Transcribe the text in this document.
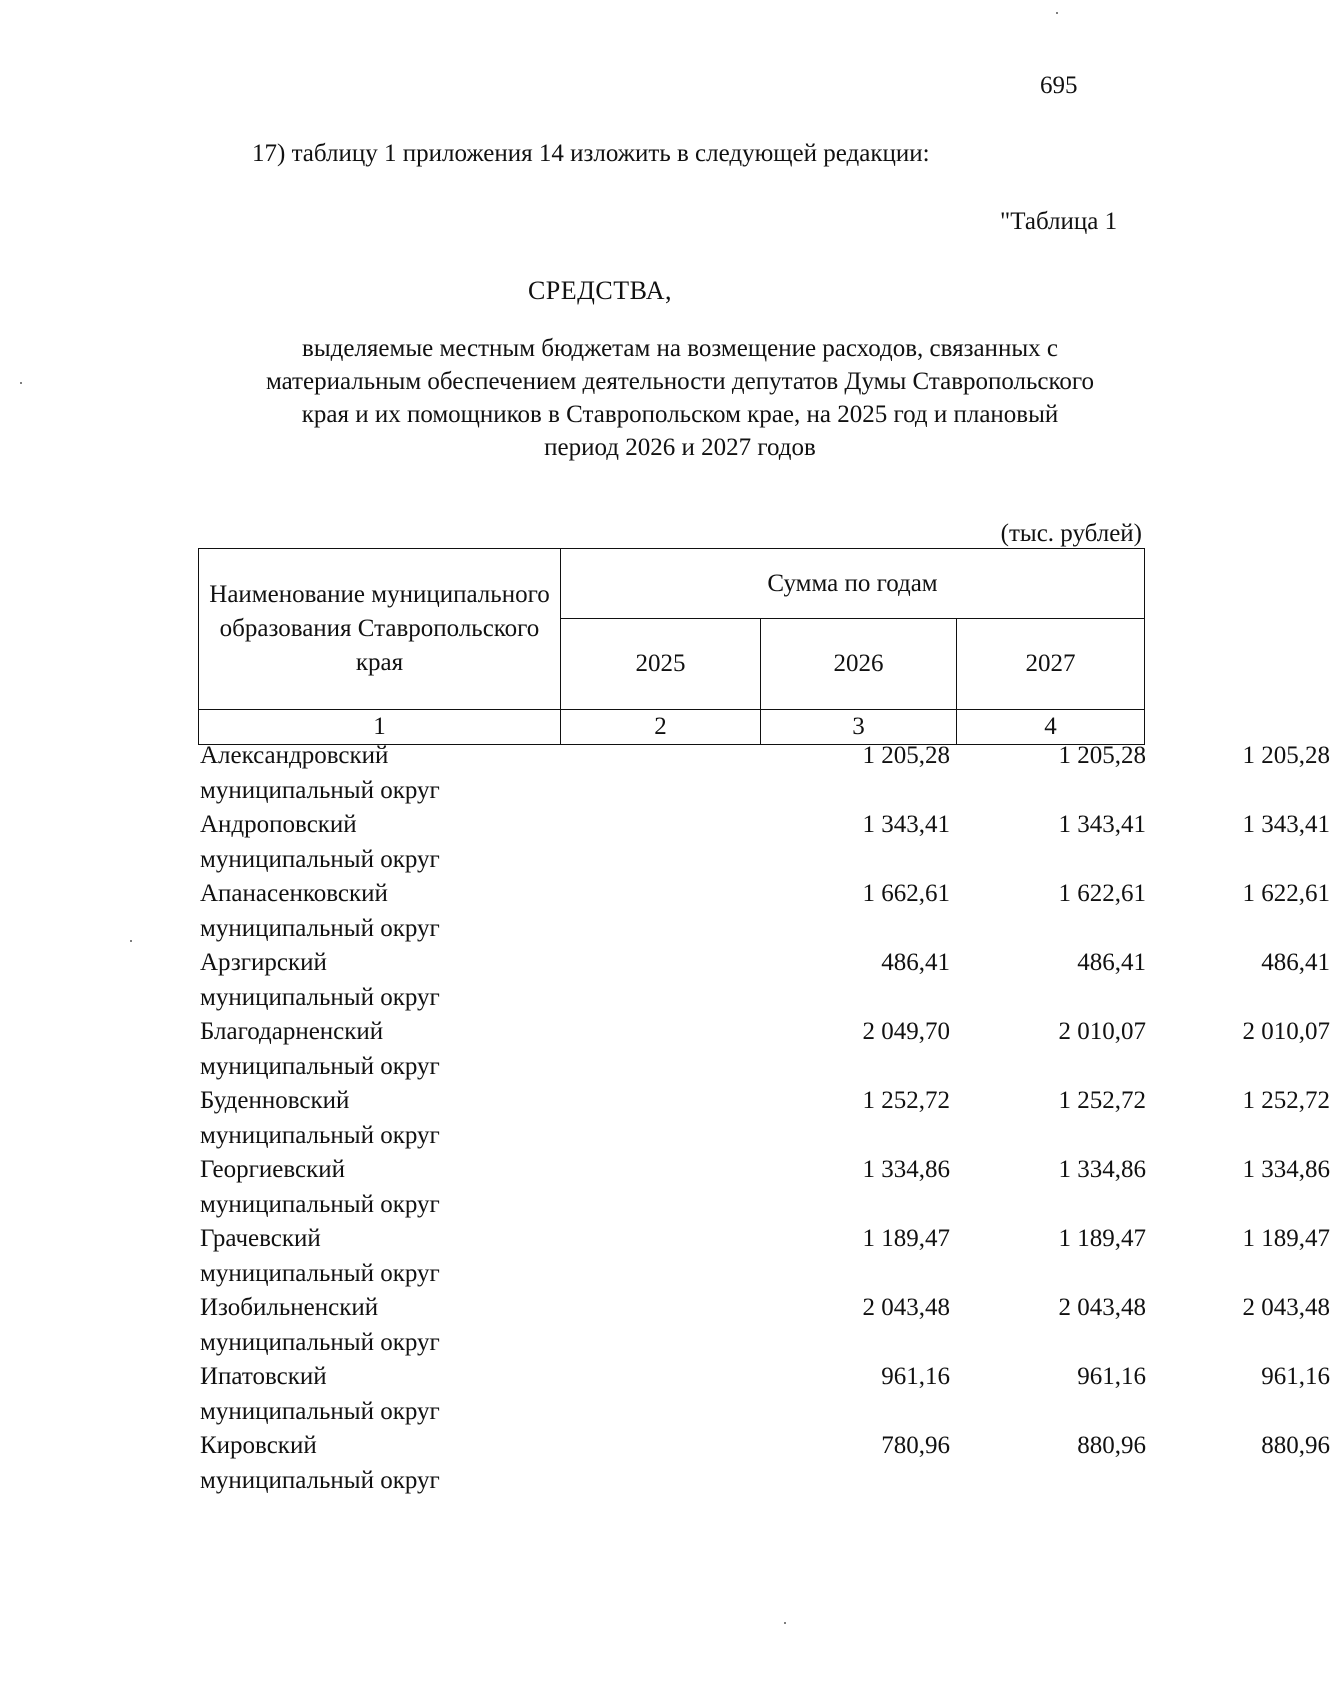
695
17) таблицу 1 приложения 14 изложить в следующей редакции:
"Таблица 1
СРЕДСТВА,
выделяемые местным бюджетам на возмещение расходов, связанных с
материальным обеспечением деятельности депутатов Думы Ставропольского
края и их помощников в Ставропольском крае, на 2025 год и плановый
период 2026 и 2027 годов
(тыс. рублей)
Наименование муниципального образования Ставропольского края	Сумма по годам		
	2025	2026	2027
1	2	3	4
Александровский
муниципальный округ
1 205,28	1 205,28	1 205,28
Андроповский
муниципальный округ
1 343,41	1 343,41	1 343,41
Апанасенковский
муниципальный округ
1 662,61	1 622,61	1 622,61
Арзгирский
муниципальный округ
486,41	486,41	486,41
Благодарненский
муниципальный округ
2 049,70	2 010,07	2 010,07
Буденновский
муниципальный округ
1 252,72	1 252,72	1 252,72
Георгиевский
муниципальный округ
1 334,86	1 334,86	1 334,86
Грачевский
муниципальный округ
1 189,47	1 189,47	1 189,47
Изобильненский
муниципальный округ
2 043,48	2 043,48	2 043,48
Ипатовский
муниципальный округ
961,16	961,16	961,16
Кировский
муниципальный округ
780,96	880,96	880,96
